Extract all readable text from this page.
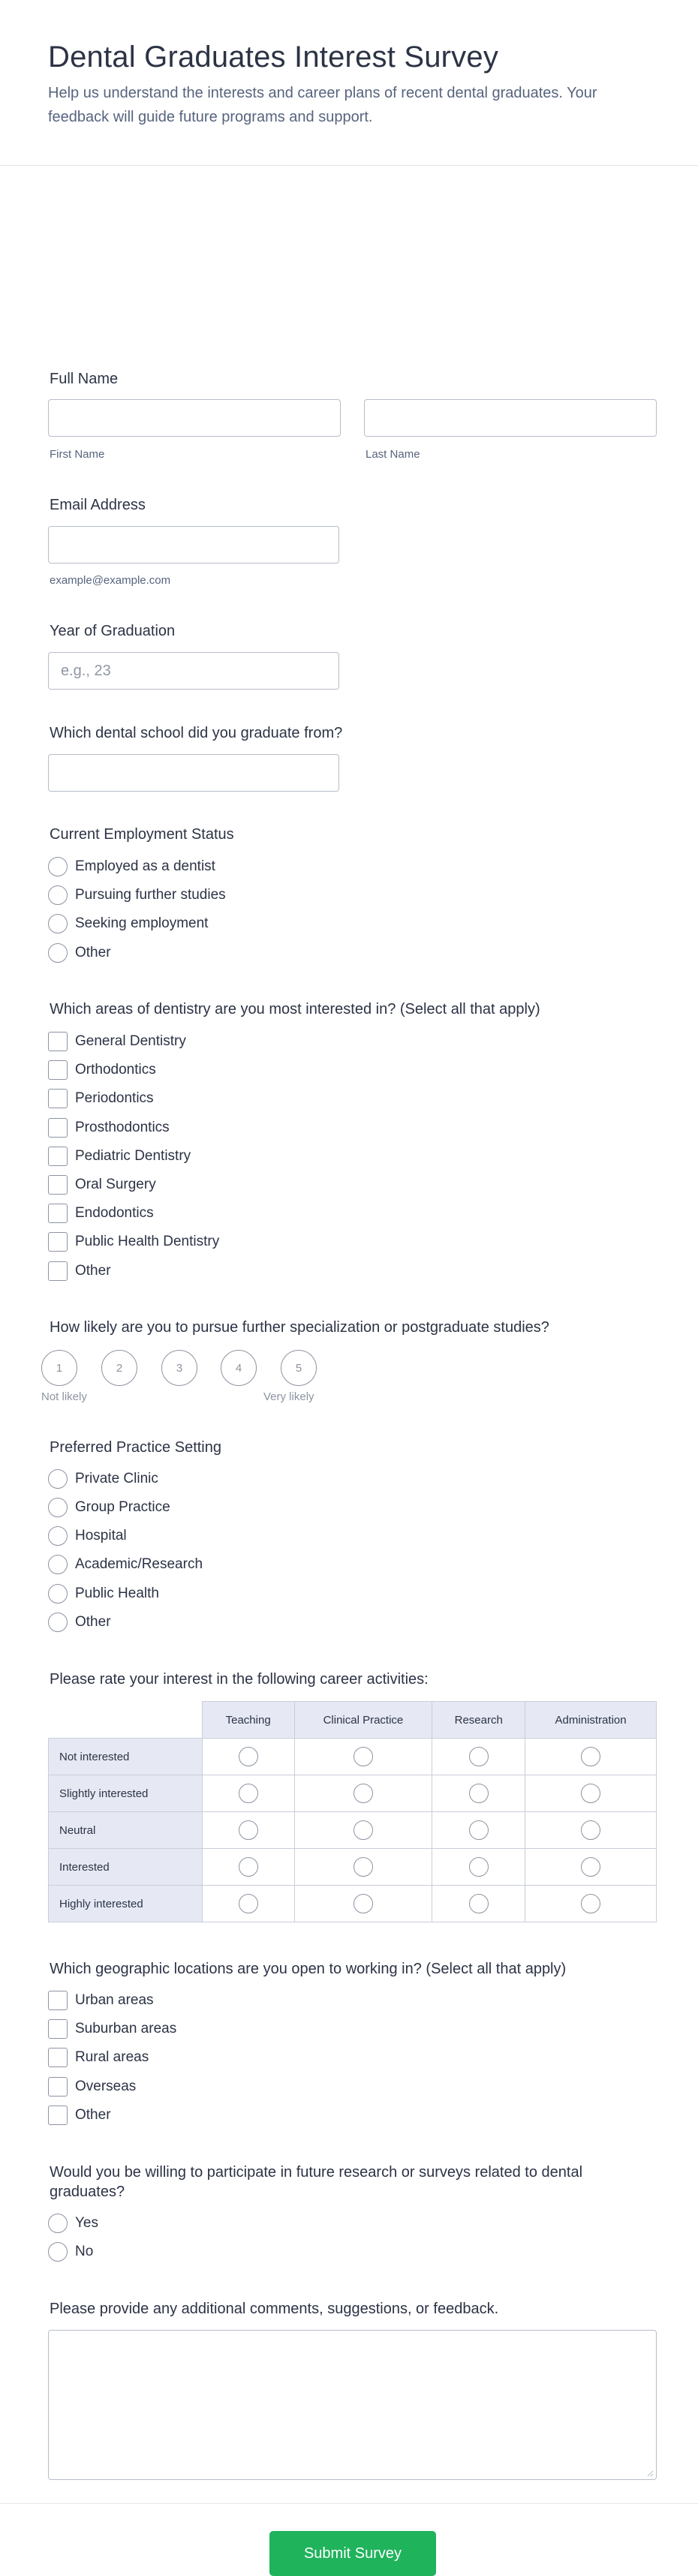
Dental Graduates Interest Survey

Help us understand the interests and career plans of recent dental graduates. Your feedback will guide future programs and support.

Full Name
First Name	Last Name
Email Address
example@example.com
Year of Graduation
e.g., 23
Which dental school did you graduate from?
Current Employment Status
Employed as a dentist
Pursuing further studies
Seeking employment
Other
Which areas of dentistry are you most interested in? (Select all that apply)
General Dentistry
Orthodontics
Periodontics
Prosthodontics
Pediatric Dentistry
Oral Surgery
Endodontics
Public Health Dentistry
Other
How likely are you to pursue further specialization or postgraduate studies?
1	2	3	4	5
Not likely	Very likely
Preferred Practice Setting
Private Clinic
Group Practice
Hospital
Academic/Research
Public Health
Other
Please rate your interest in the following career activities:
	Teaching	Clinical Practice	Research	Administration
Not interested				
Slightly interested				
Neutral				
Interested				
Highly interested				
Which geographic locations are you open to working in? (Select all that apply)
Urban areas
Suburban areas
Rural areas
Overseas
Other
Would you be willing to participate in future research or surveys related to dental
graduates?
Yes
No
Please provide any additional comments, suggestions, or feedback.
Submit Survey
